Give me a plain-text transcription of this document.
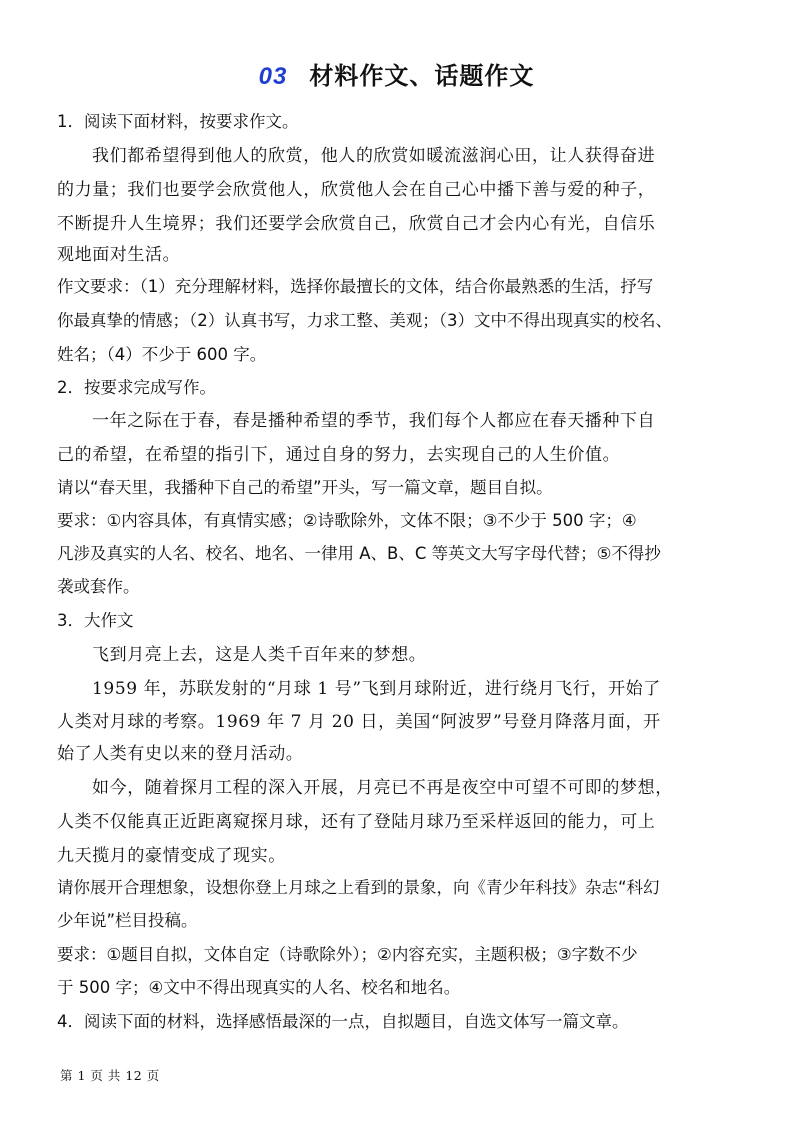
03 材料作文、话题作文
1．阅读下面材料，按要求作文。
我们都希望得到他人的欣赏，他人的欣赏如暖流滋润心田，让人获得奋进
的力量；我们也要学会欣赏他人，欣赏他人会在自己心中播下善与爱的种子，
不断提升人生境界；我们还要学会欣赏自己，欣赏自己才会内心有光，自信乐
观地面对生活。
作文要求：（1）充分理解材料，选择你最擅长的文体，结合你最熟悉的生活，抒写
你最真挚的情感；（2）认真书写，力求工整、美观；（3）文中不得出现真实的校名、
姓名；（4）不少于 600 字。
2．按要求完成写作。
一年之际在于春，春是播种希望的季节，我们每个人都应在春天播种下自
己的希望，在希望的指引下，通过自身的努力，去实现自己的人生价值。
请以“春天里，我播种下自己的希望”开头，写一篇文章，题目自拟。
要求：①内容具体，有真情实感；②诗歌除外，文体不限；③不少于 500 字；④
凡涉及真实的人名、校名、地名、一律用 A、B、C 等英文大写字母代替；⑤不得抄
袭或套作。
3．大作文
飞到月亮上去，这是人类千百年来的梦想。
1959 年，苏联发射的“月球 1 号”飞到月球附近，进行绕月飞行，开始了
人类对月球的考察。1969 年 7 月 20 日，美国“阿波罗”号登月降落月面，开
始了人类有史以来的登月活动。
如今，随着探月工程的深入开展，月亮已不再是夜空中可望不可即的梦想，
人类不仅能真正近距离窥探月球，还有了登陆月球乃至采样返回的能力，可上
九天揽月的豪情变成了现实。
请你展开合理想象，设想你登上月球之上看到的景象，向《青少年科技》杂志“科幻
少年说”栏目投稿。
要求：①题目自拟，文体自定（诗歌除外）；②内容充实，主题积极；③字数不少
于 500 字；④文中不得出现真实的人名、校名和地名。
4．阅读下面的材料，选择感悟最深的一点，自拟题目，自选文体写一篇文章。
第 1 页 共 12 页
